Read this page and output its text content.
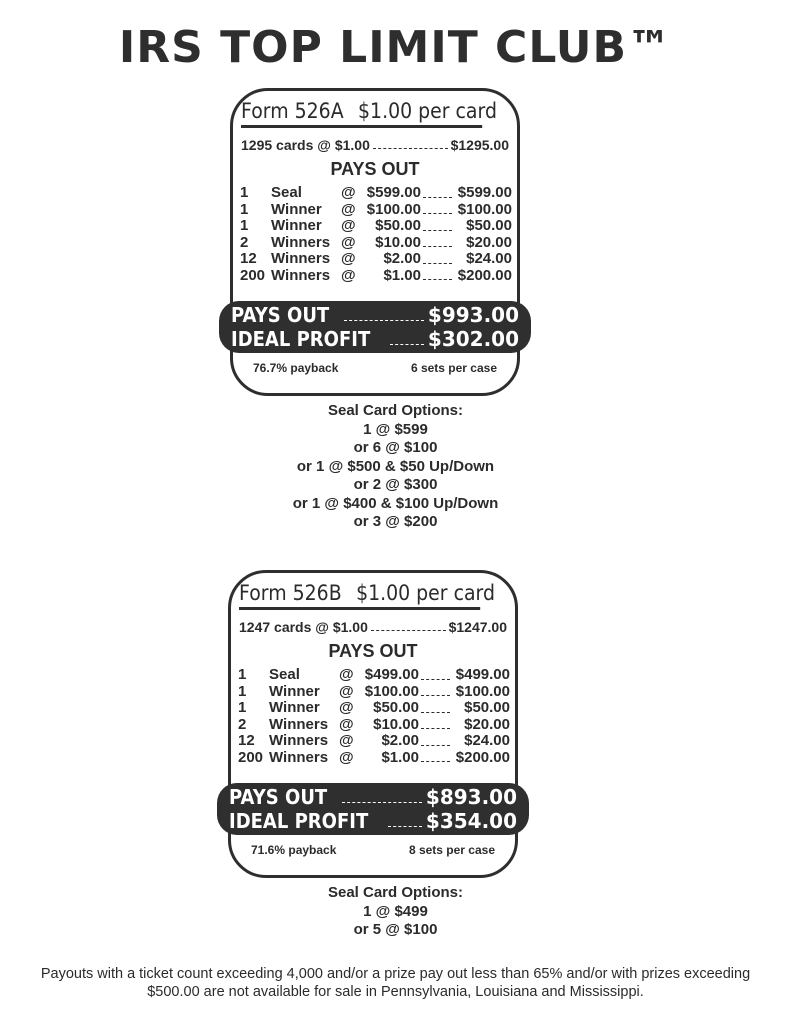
IRS TOP LIMIT CLUB™
Form 526A $1.00 per card
1295 cards @ $1.00	$1295.00
PAYS OUT
1	Seal	@ $599.00 $599.00
1	Winner	@ $100.00 $100.00
1	Winner	@	$50.00	$50.00
2	Winners @	$10.00	$20.00
12 Winners @	$2.00	$24.00
200 Winners @	$1.00 $200.00
PAYS OUT	$993.00
IDEAL PROFIT	$302.00
76.7% payback	6 sets per case
Seal Card Options:
1 @ $599
or 6 @ $100
or 1 @ $500 & $50 Up/Down
or 2 @ $300
or 1 @ $400 & $100 Up/Down
or 3 @ $200
Form 526B $1.00 per card
1247 cards @ $1.00	$1247.00
PAYS OUT
1	Seal	@ $499.00 $499.00
1	Winner	@ $100.00 $100.00
1	Winner	@	$50.00	$50.00
2	Winners @	$10.00	$20.00
12 Winners @	$2.00	$24.00
200 Winners @	$1.00 $200.00
PAYS OUT	$893.00
IDEAL PROFIT	$354.00
71.6% payback	8 sets per case
Seal Card Options:
1 @ $499
or 5 @ $100
Payouts with a ticket count exceeding 4,000 and/or a prize pay out less than 65% and/or with prizes exceeding $500.00 are not available for sale in Pennsylvania, Louisiana and Mississippi.
